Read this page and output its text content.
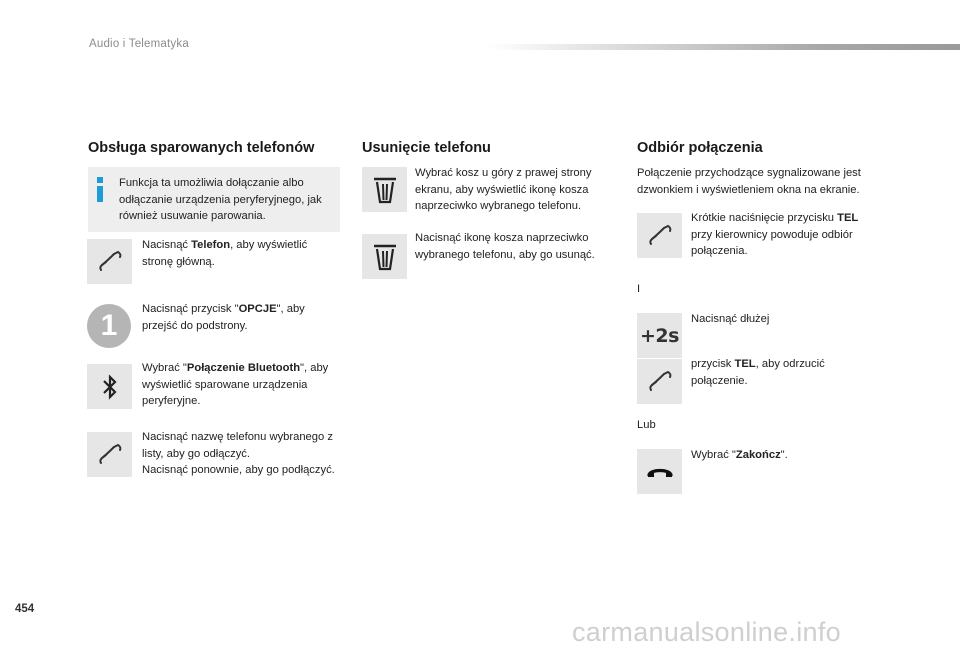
Audio i Telematyka
Obsługa sparowanych telefonów
Funkcja ta umożliwia dołączanie albo odłączanie urządzenia peryferyjnego, jak również usuwanie parowania.
Nacisnąć Telefon, aby wyświetlić stronę główną.
1	Nacisnąć przycisk "OPCJE", aby przejść do podstrony.
Wybrać "Połączenie Bluetooth", aby wyświetlić sparowane urządzenia peryferyjne.
Nacisnąć nazwę telefonu wybranego z listy, aby go odłączyć.
Nacisnąć ponownie, aby go podłączyć.
Usunięcie telefonu
Wybrać kosz u góry z prawej strony ekranu, aby wyświetlić ikonę kosza naprzeciwko wybranego telefonu.
Nacisnąć ikonę kosza naprzeciwko wybranego telefonu, aby go usunąć.
Odbiór połączenia
Połączenie przychodzące sygnalizowane jest dzwonkiem i wyświetleniem okna na ekranie.
Krótkie naciśnięcie przycisku TEL przy kierownicy powoduje odbiór połączenia.
I
+2s
Nacisnąć dłużej
przycisk TEL, aby odrzucić połączenie.
Lub
Wybrać "Zakończ".
454
carmanualsonline.info
